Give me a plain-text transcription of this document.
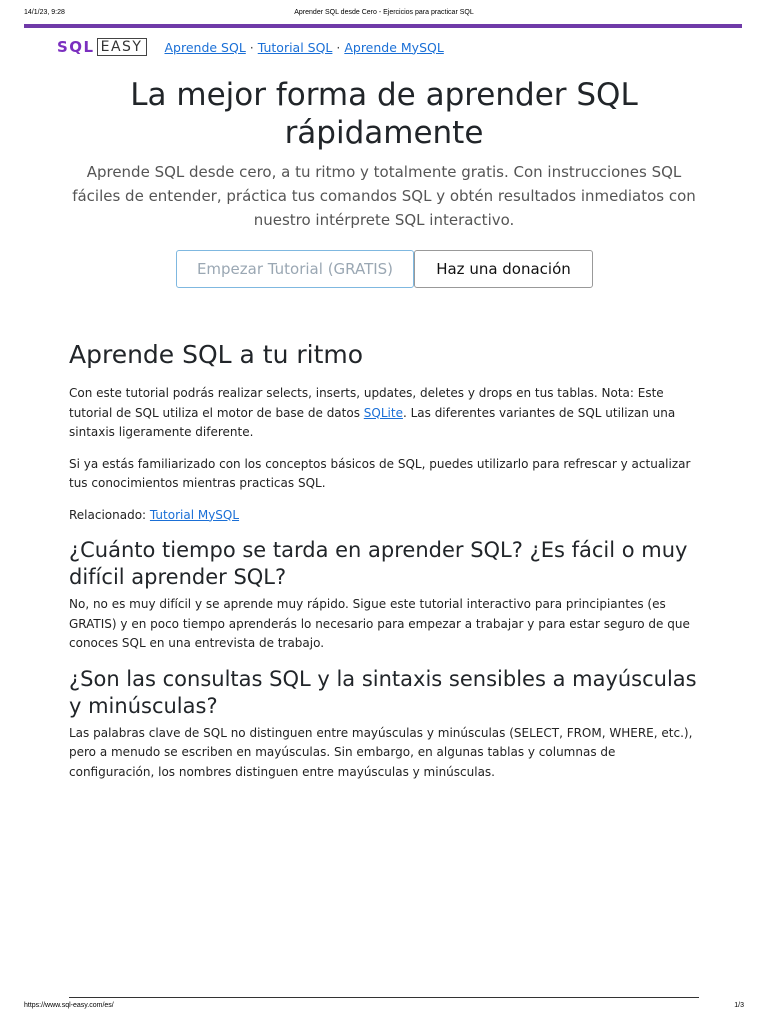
14/1/23, 9:28	Aprender SQL desde Cero - Ejercicios para practicar SQL
SQL EASY	Aprende SQL · Tutorial SQL · Aprende MySQL
La mejor forma de aprender SQL rápidamente

Aprende SQL desde cero, a tu ritmo y totalmente gratis. Con instrucciones SQL fáciles de entender, práctica tus comandos SQL y obtén resultados inmediatos con nuestro intérprete SQL interactivo.

Empezar Tutorial (GRATIS)	Haz una donación
Aprende SQL a tu ritmo

Con este tutorial podrás realizar selects, inserts, updates, deletes y drops en tus tablas. Nota: Este tutorial de SQL utiliza el motor de base de datos SQLite. Las diferentes variantes de SQL utilizan una sintaxis ligeramente diferente.

Si ya estás familiarizado con los conceptos básicos de SQL, puedes utilizarlo para refrescar y actualizar tus conocimientos mientras practicas SQL.

Relacionado: Tutorial MySQL

¿Cuánto tiempo se tarda en aprender SQL? ¿Es fácil o muy difícil aprender SQL?

No, no es muy difícil y se aprende muy rápido. Sigue este tutorial interactivo para principiantes (es GRATIS) y en poco tiempo aprenderás lo necesario para empezar a trabajar y para estar seguro de que conoces SQL en una entrevista de trabajo.

¿Son las consultas SQL y la sintaxis sensibles a mayúsculas y minúsculas?

Las palabras clave de SQL no distinguen entre mayúsculas y minúsculas (SELECT, FROM, WHERE, etc.), pero a menudo se escriben en mayúsculas. Sin embargo, en algunas tablas y columnas de configuración, los nombres distinguen entre mayúsculas y minúsculas.

https://www.sql-easy.com/es/	1/3
